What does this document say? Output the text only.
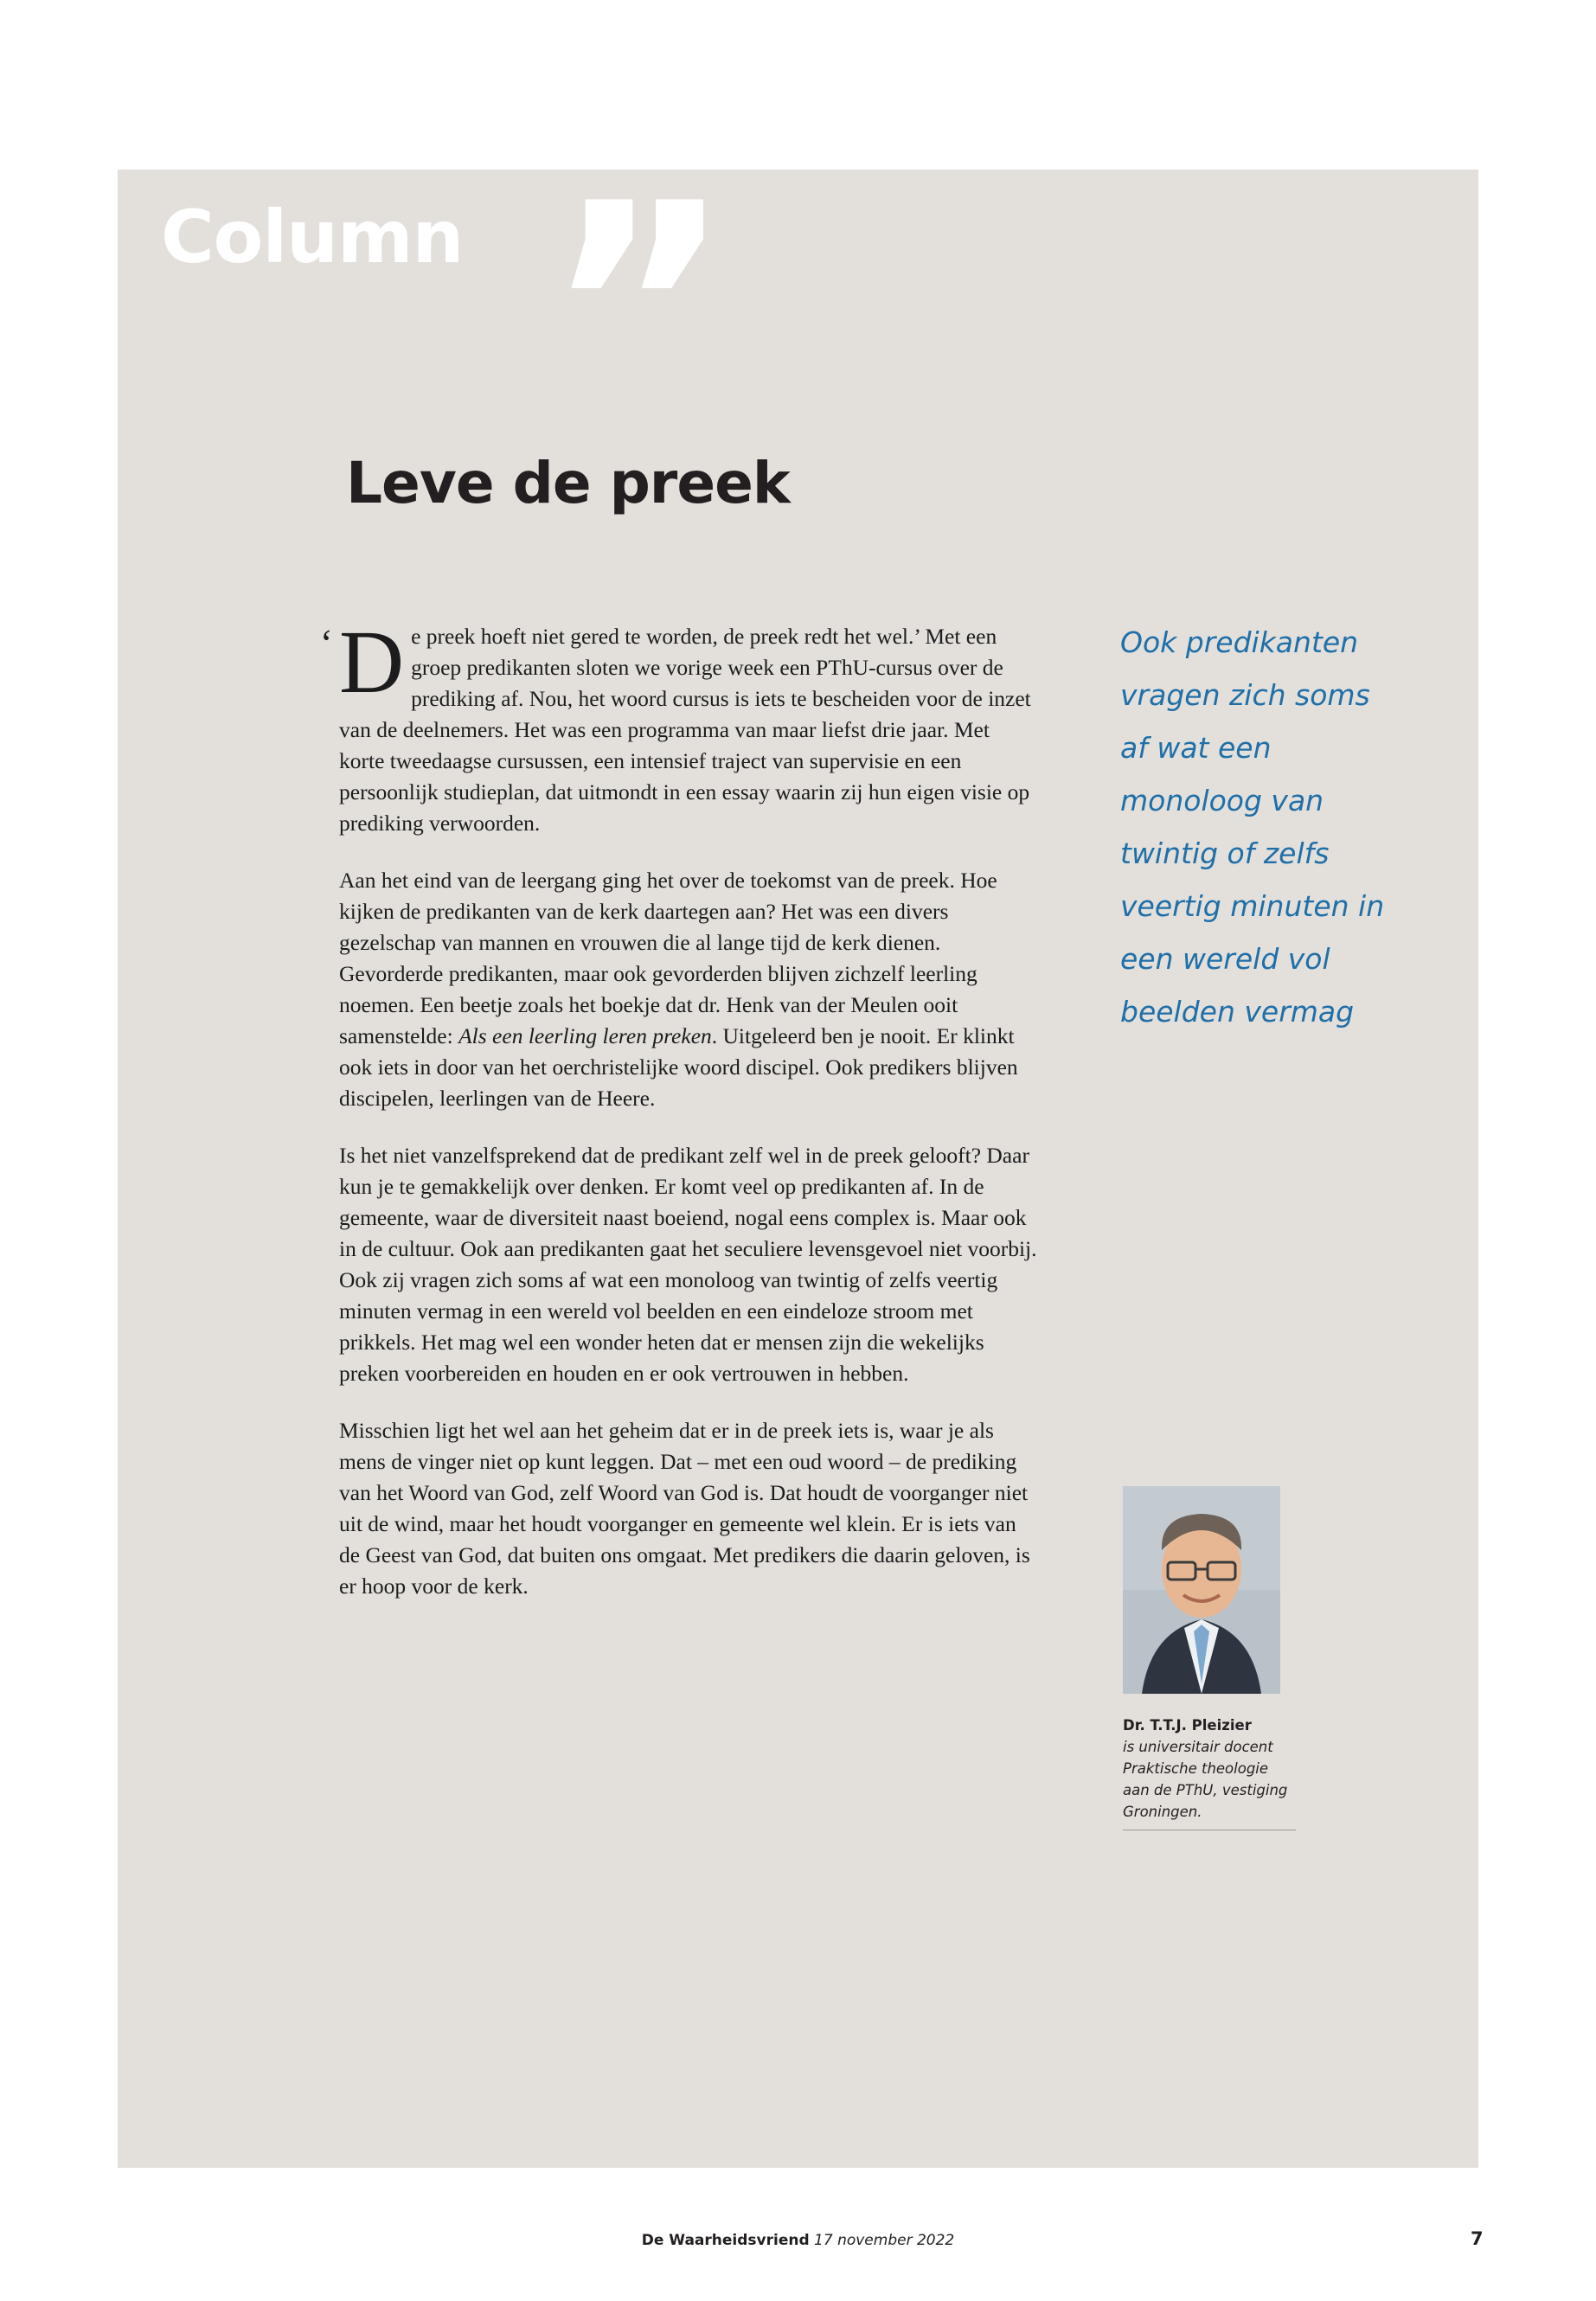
”
Column
Leve de preek

‘ D e preek hoeft niet gered te worden, de preek redt het wel.’ Met een groep predikanten sloten we vorige week een PThU-cursus over de prediking af. Nou, het woord cursus is iets te bescheiden voor de inzet van de deelnemers. Het was een programma van maar liefst drie jaar. Met korte tweedaagse cursussen, een intensief traject van supervisie en een persoonlijk studieplan, dat uitmondt in een essay waarin zij hun eigen visie op prediking verwoorden.

Aan het eind van de leergang ging het over de toekomst van de preek. Hoe kijken de predikanten van de kerk daartegen aan? Het was een divers gezelschap van mannen en vrouwen die al lange tijd de kerk dienen. Gevorderde predikanten, maar ook gevorderden blijven zichzelf leerling noemen. Een beetje zoals het boekje dat dr. Henk van der Meulen ooit samenstelde: Als een leerling leren preken. Uitgeleerd ben je nooit. Er klinkt ook iets in door van het oerchristelijke woord discipel. Ook predikers blijven discipelen, leerlingen van de Heere.

Is het niet vanzelfsprekend dat de predikant zelf wel in de preek gelooft? Daar kun je te gemakkelijk over denken. Er komt veel op predikanten af. In de gemeente, waar de diversiteit naast boeiend, nogal eens complex is. Maar ook in de cultuur. Ook aan predikanten gaat het seculiere levensgevoel niet voorbij. Ook zij vragen zich soms af wat een monoloog van twintig of zelfs veertig minuten vermag in een wereld vol beelden en een eindeloze stroom met prikkels. Het mag wel een wonder heten dat er mensen zijn die wekelijks preken voorbereiden en houden en er ook vertrouwen in hebben.

Misschien ligt het wel aan het geheim dat er in de preek iets is, waar je als mens de vinger niet op kunt leggen. Dat – met een oud woord – de prediking van het Woord van God, zelf Woord van God is. Dat houdt de voorganger niet uit de wind, maar het houdt voorganger en gemeente wel klein. Er is iets van de Geest van God, dat buiten ons omgaat. Met predikers die daarin geloven, is er hoop voor de kerk.

Ook predikanten vragen zich soms af wat een monoloog van twintig of zelfs veertig minuten in een wereld vol beelden vermag
Dr. T.T.J. Pleizier
is universitair docent Praktische theologie aan de PThU, vestiging Groningen.
De Waarheidsvriend 17 november 2022	7
